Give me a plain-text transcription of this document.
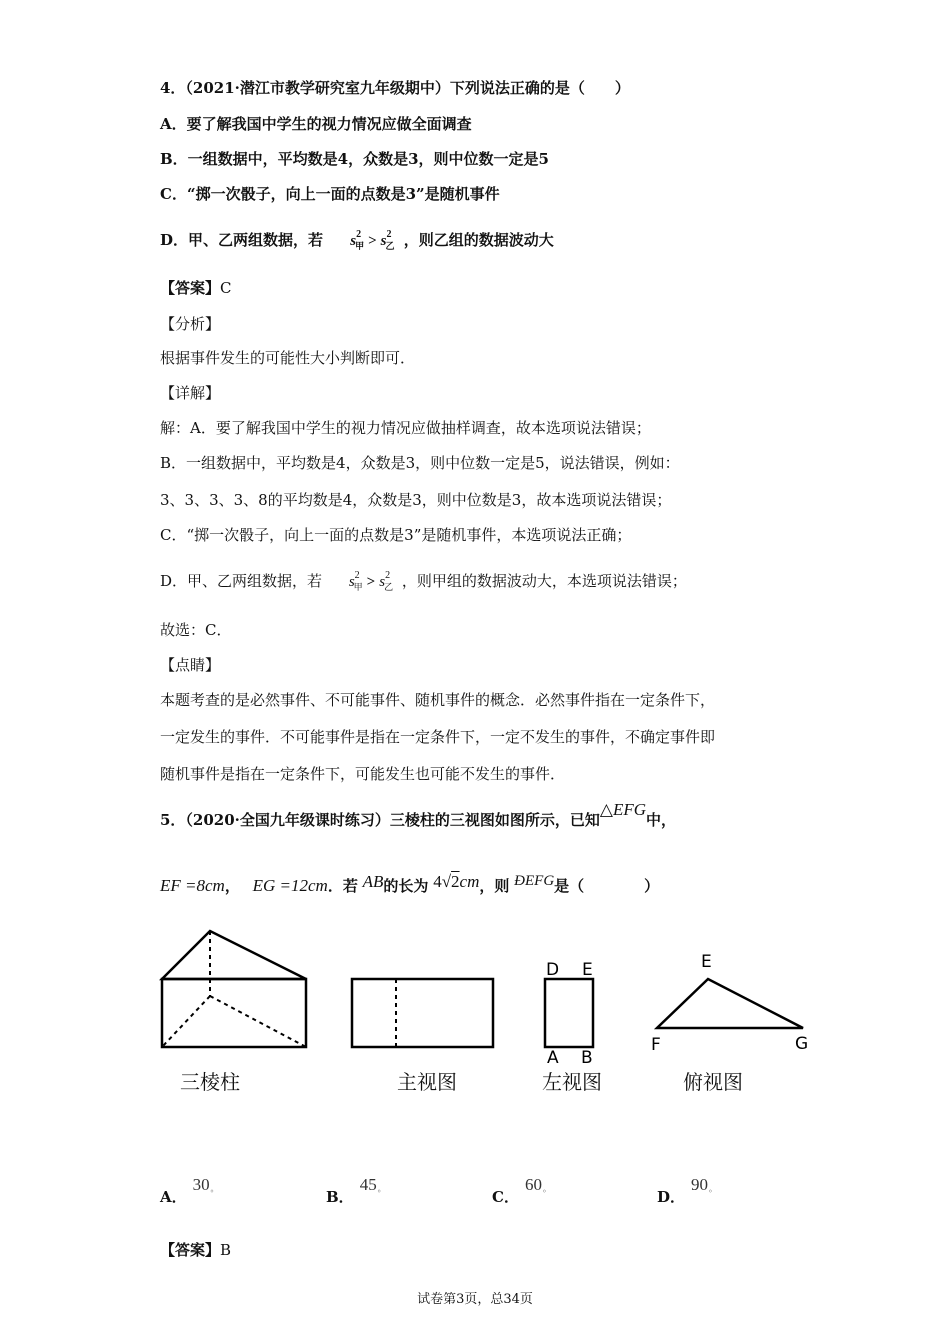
4．（2021·潜江市教学研究室九年级期中）下列说法正确的是（　　）
A．要了解我国中学生的视力情况应做全面调查
B．一组数据中，平均数是4，众数是3，则中位数一定是5
C．“掷一次骰子，向上一面的点数是3”是随机事件
D．甲、乙两组数据，若 $s^2_甲 > s^2_乙$ ，则乙组的数据波动大
【答案】C
【分析】
根据事件发生的可能性大小判断即可．
【详解】
解：A．要了解我国中学生的视力情况应做抽样调查，故本选项说法错误；
B．一组数据中，平均数是4，众数是3，则中位数一定是5，说法错误，例如：
3、3、3、3、8的平均数是4，众数是3，则中位数是3，故本选项说法错误；
C．“掷一次骰子，向上一面的点数是3”是随机事件，本选项说法正确；
D．甲、乙两组数据，若 $s^2_甲 > s^2_乙$ ，则甲组的数据波动大，本选项说法错误；
故选：C．
【点睛】
本题考查的是必然事件、不可能事件、随机事件的概念．必然事件指在一定条件下，
一定发生的事件．不可能事件是指在一定条件下，一定不发生的事件，不确定事件即
随机事件是指在一定条件下，可能发生也可能不发生的事件．
5．（2020·全国九年级课时练习）三棱柱的三视图如图所示，已知△EFG中，
EF =8cm， EG =12cm．若 AB的长为 4√2cm，则 ÐEFG是（　　　　）
D E
A B
E
F	G
三棱柱	主视图	左视图	俯视图
A．30◦	B．45◦	C．60◦	D．90◦
【答案】B
试卷第3页，总34页
